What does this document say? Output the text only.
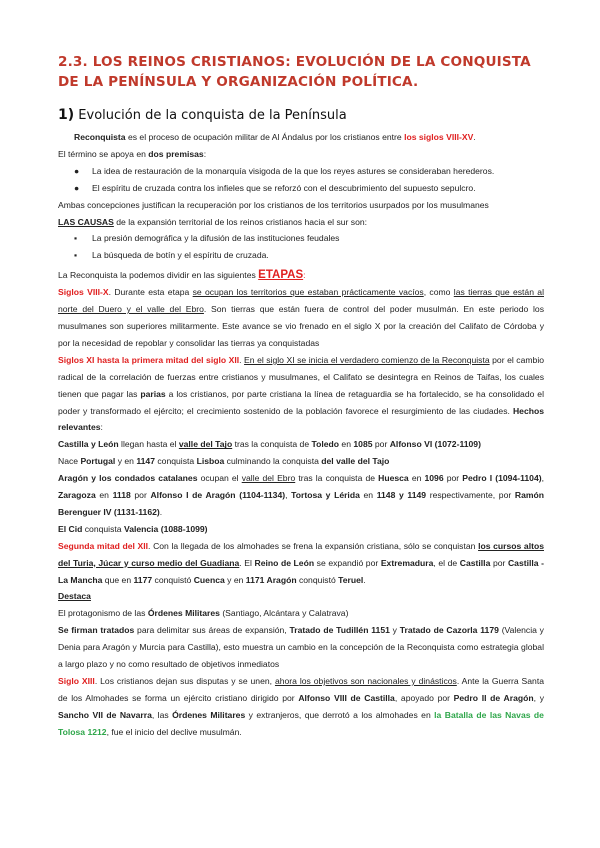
2.3. LOS REINOS CRISTIANOS: EVOLUCIÓN DE LA CONQUISTA DE LA PENÍNSULA Y ORGANIZACIÓN POLÍTICA.
1) Evolución de la conquista de la Península

Reconquista es el proceso de ocupación militar de Al Ándalus por los cristianos entre los siglos VIII-XV.

El término se apoya en dos premisas:

● La idea de restauración de la monarquía visigoda de la que los reyes astures se consideraban herederos.
● El espíritu de cruzada contra los infieles que se reforzó con el descubrimiento del supuesto sepulcro.

Ambas concepciones justifican la recuperación por los cristianos de los territorios usurpados por los musulmanes

LAS CAUSAS de la expansión territorial de los reinos cristianos hacia el sur son:

▪ La presión demográfica y la difusión de las instituciones feudales
▪ La búsqueda de botín y el espíritu de cruzada.

La Reconquista la podemos dividir en las siguientes ETAPAS:

Siglos VIII-X. Durante esta etapa se ocupan los territorios que estaban prácticamente vacíos, como las tierras que están al norte del Duero y el valle del Ebro. Son tierras que están fuera de control del poder musulmán. En este periodo los musulmanes son superiores militarmente. Este avance se vio frenado en el siglo X por la creación del Califato de Córdoba y por la necesidad de repoblar y consolidar las tierras ya conquistadas

Siglos XI hasta la primera mitad del siglo XII. En el siglo XI se inicia el verdadero comienzo de la Reconquista por el cambio radical de la correlación de fuerzas entre cristianos y musulmanes, el Califato se desintegra en Reinos de Taifas, los cuales tienen que pagar las parias a los cristianos, por parte cristiana la línea de retaguardia se ha fortalecido, se ha consolidado el poder y transformado el ejército; el crecimiento sostenido de la población favorece el resurgimiento de las ciudades. Hechos relevantes:

Castilla y León llegan hasta el valle del Tajo tras la conquista de Toledo en 1085 por Alfonso VI (1072-1109)

Nace Portugal y en 1147 conquista Lisboa culminando la conquista del valle del Tajo

Aragón y los condados catalanes ocupan el valle del Ebro tras la conquista de Huesca en 1096 por Pedro I (1094-1104), Zaragoza en 1118 por Alfonso I de Aragón (1104-1134), Tortosa y Lérida en 1148 y 1149 respectivamente, por Ramón Berenguer IV (1131-1162).

El Cid conquista Valencia (1088-1099)

Segunda mitad del XII. Con la llegada de los almohades se frena la expansión cristiana, sólo se conquistan los cursos altos del Turia, Júcar y curso medio del Guadiana. El Reino de León se expandió por Extremadura, el de Castilla por Castilla -La Mancha que en 1177 conquistó Cuenca y en 1171 Aragón conquistó Teruel.

Destaca

El protagonismo de las Órdenes Militares (Santiago, Alcántara y Calatrava)

Se firman tratados para delimitar sus áreas de expansión, Tratado de Tudillén 1151 y Tratado de Cazorla 1179 (Valencia y Denia para Aragón y Murcia para Castilla), esto muestra un cambio en la concepción de la Reconquista como estrategia global a largo plazo y no como resultado de objetivos inmediatos

Siglo XIII. Los cristianos dejan sus disputas y se unen, ahora los objetivos son nacionales y dinásticos. Ante la Guerra Santa de los Almohades se forma un ejército cristiano dirigido por Alfonso VIII de Castilla, apoyado por Pedro II de Aragón, y Sancho VII de Navarra, las Órdenes Militares y extranjeros, que derrotó a los almohades en la Batalla de las Navas de Tolosa 1212, fue el inicio del declive musulmán.
